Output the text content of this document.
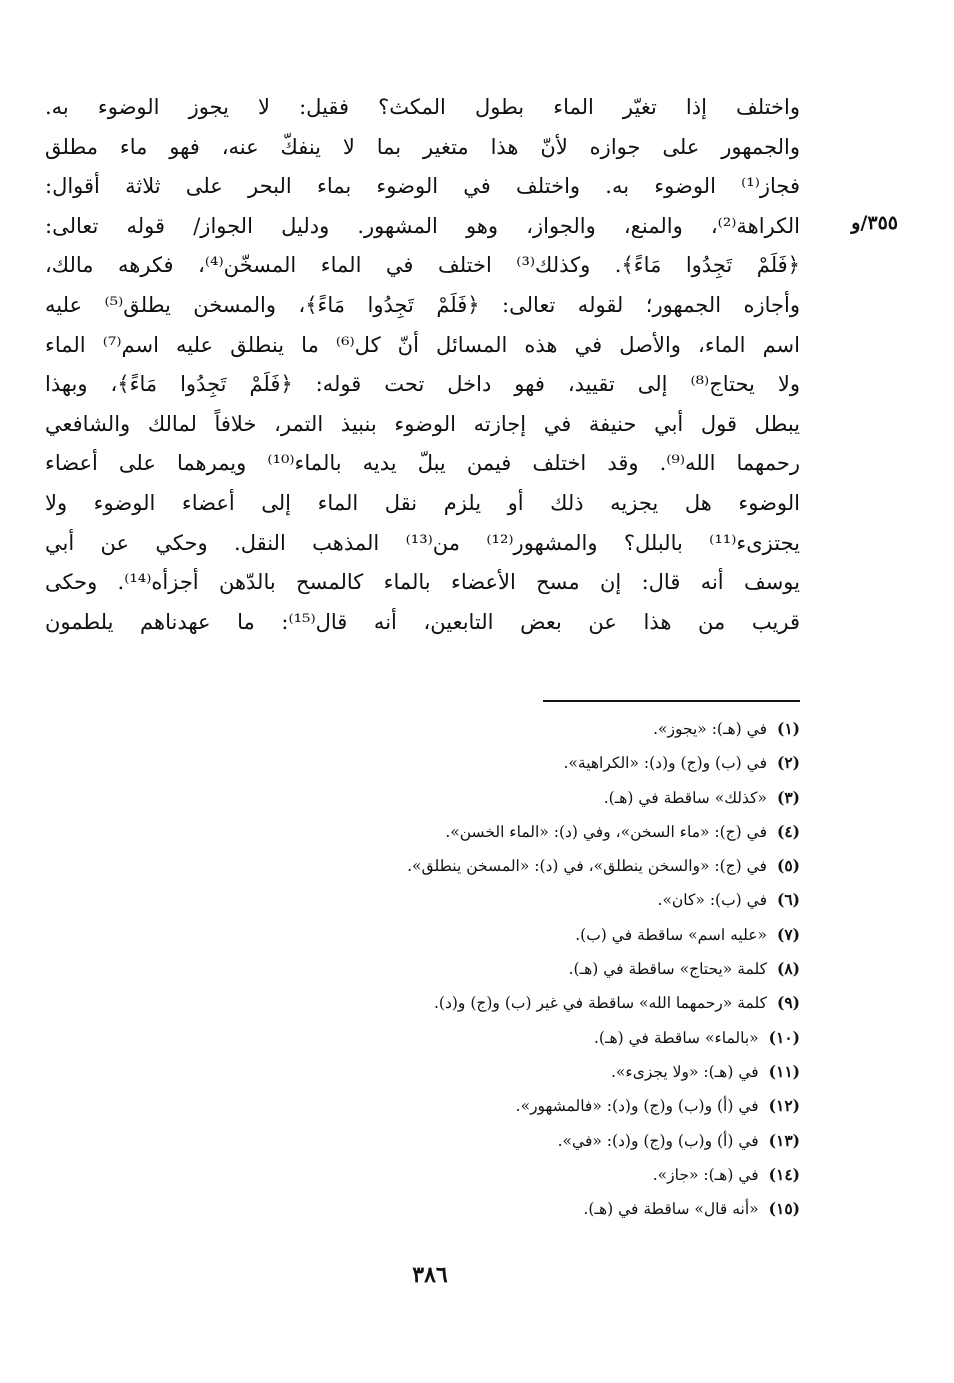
٣٥٥/و
واختلف إذا تغيّر الماء بطول المكث؟ فقيل: لا يجوز الوضوء به.
والجمهور على جوازه لأنّ هذا متغير بما لا ينفكّ عنه، فهو ماء مطلق
فجاز⁽¹⁾ الوضوء به. واختلف في الوضوء بماء البحر على ثلاثة أقوال:
الكراهة⁽²⁾، والمنع، والجواز، وهو المشهور. ودليل الجواز/ قوله تعالى:
﴿فَلَمْ تَجِدُوا مَاءً﴾. وكذلك⁽³⁾ اختلف في الماء المسخّن⁽⁴⁾، فكرهه مالك،
وأجازه الجمهور؛ لقوله تعالى: ﴿فَلَمْ تَجِدُوا مَاءً﴾، والمسخن يطلق⁽⁵⁾ عليه
اسم الماء، والأصل في هذه المسائل أنّ كل⁽⁶⁾ ما ينطلق عليه اسم⁽⁷⁾ الماء
ولا يحتاج⁽⁸⁾ إلى تقييد، فهو داخل تحت قوله: ﴿فَلَمْ تَجِدُوا مَاءً﴾، وبهذا
يبطل قول أبي حنيفة في إجازته الوضوء بنبيذ التمر، خلافاً لمالك والشافعي
رحمهما الله⁽⁹⁾. وقد اختلف فيمن يبلّ يديه بالماء⁽¹⁰⁾ ويمرهما على أعضاء
الوضوء هل يجزيه ذلك أو يلزم نقل الماء إلى أعضاء الوضوء ولا
يجتزىء⁽¹¹⁾ بالبلل؟ والمشهور⁽¹²⁾ من⁽¹³⁾ المذهب النقل. وحكي عن أبي
يوسف أنه قال: إن مسح الأعضاء بالماء كالمسح بالدّهن أجزأه⁽¹⁴⁾. وحكى
قريب من هذا عن بعض التابعين، أنه قال⁽¹⁵⁾: ما عهدناهم يلطمون
(١)في (هـ): «يجوز».
(٢)في (ب) و(ج) و(د): «الكراهية».
(٣)«كذلك» ساقطة في (هـ).
(٤)في (ج): «ماء السخن»، وفي (د): «الماء الخسن».
(٥)في (ج): «والسخن ينطلق»، في (د): «المسخن ينطلق».
(٦)في (ب): «كان».
(٧)«عليه اسم» ساقطة في (ب).
(٨)كلمة «يحتاج» ساقطة في (هـ).
(٩)كلمة «رحمهما الله» ساقطة في غير (ب) و(ج) و(د).
(١٠)«بالماء» ساقطة في (هـ).
(١١)في (هـ): «ولا يجزىء».
(١٢)في (أ) و(ب) و(ج) و(د): «فالمشهور».
(١٣)في (أ) و(ب) و(ج) و(د): «في».
(١٤)في (هـ): «جاز».
(١٥)«أنه قال» ساقطة في (هـ).
٣٨٦
